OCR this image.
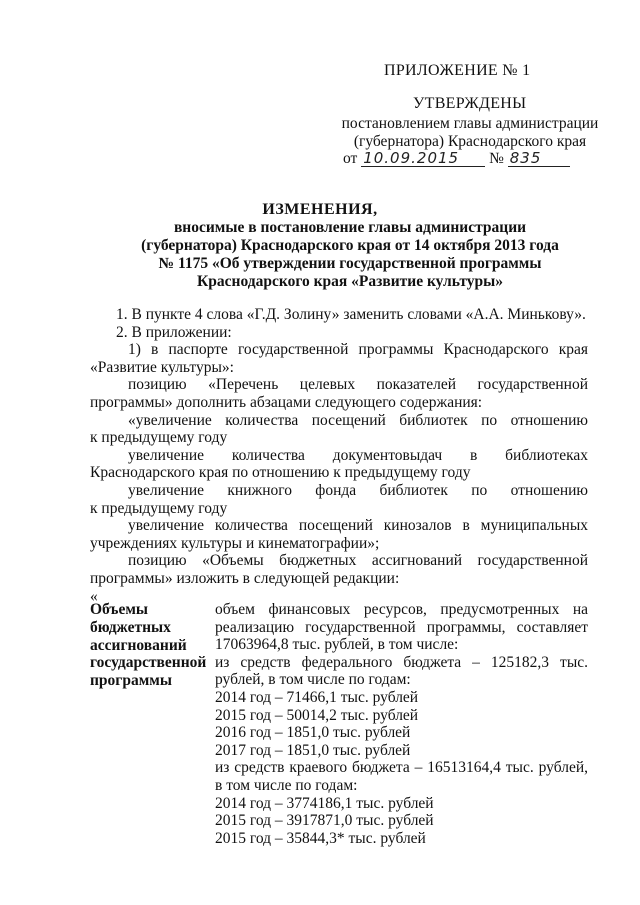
ПРИЛОЖЕНИЕ № 1
УТВЕРЖДЕНЫ
постановлением главы администрации
(губернатора) Краснодарского края
от 10.09.2015 № 835
ИЗМЕНЕНИЯ,
вносимые в постановление главы администрации
(губернатора) Краснодарского края от 14 октября 2013 года
№ 1175 «Об утверждении государственной программы
Краснодарского края «Развитие культуры»

1. В пункте 4 слова «Г.Д. Золину» заменить словами «А.А. Минькову».

2. В приложении:

1) в паспорте государственной программы Краснодарского края «Развитие культуры»:

позицию «Перечень целевых показателей государственной программы» дополнить абзацами следующего содержания:

«увеличение количества посещений библиотек по отношению

к предыдущему году

увеличение количества документовыдач в библиотеках Краснодарского края по отношению к предыдущему году

увеличение книжного фонда библиотек по отношению

к предыдущему году

увеличение количества посещений кинозалов в муниципальных учреждениях культуры и кинематографии»;

позицию «Объемы бюджетных ассигнований государственной программы» изложить в следующей редакции:

«

Объемы
бюджетных
ассигнований
государственной
программы

объем финансовых ресурсов, предусмотренных на реализацию государственной программы, составляет 17063964,8 тыс. рублей, в том числе:

из средств федерального бюджета – 125182,3 тыс. рублей, в том числе по годам:

2014 год – 71466,1 тыс. рублей

2015 год – 50014,2 тыс. рублей

2016 год – 1851,0 тыс. рублей

2017 год – 1851,0 тыс. рублей

из средств краевого бюджета – 16513164,4 тыс. рублей, в том числе по годам:

2014 год – 3774186,1 тыс. рублей

2015 год – 3917871,0 тыс. рублей

2015 год – 35844,3* тыс. рублей
